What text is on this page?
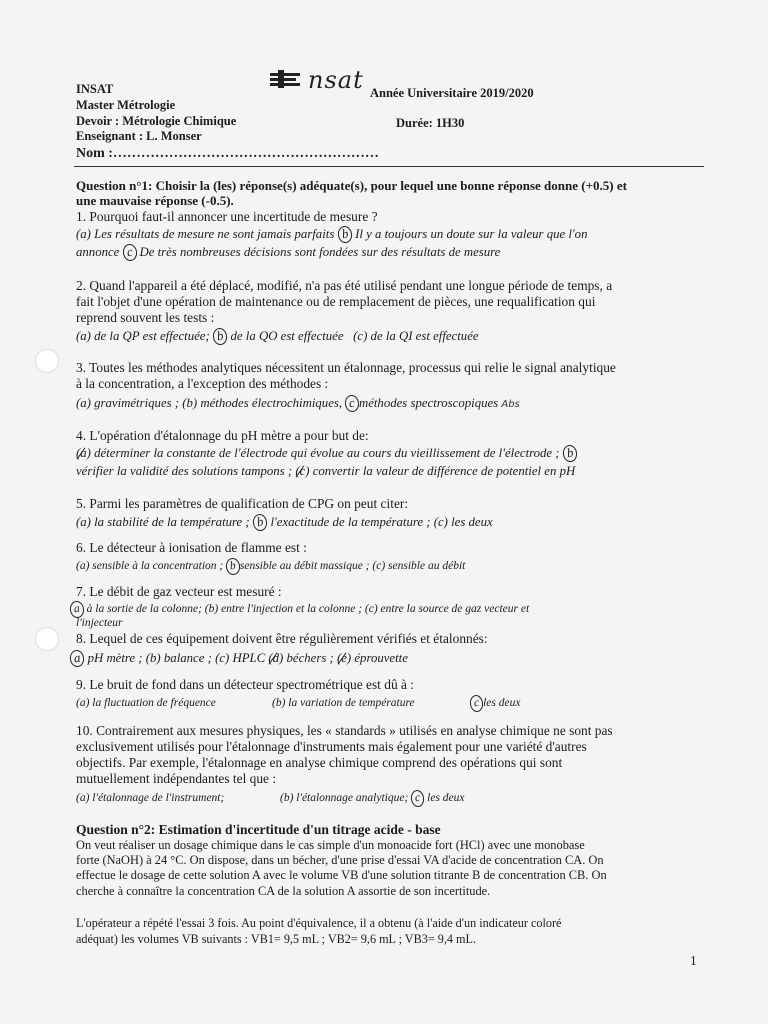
INSAT
Master Métrologie
Devoir : Métrologie Chimique
Enseignant : L. Monser
nsat Année Universitaire 2019/2020
Durée: 1H30
Nom :…………………………………………………
Question n°1: Choisir la (les) réponse(s) adéquate(s), pour lequel une bonne réponse donne (+0.5) et
une mauvaise réponse (-0.5).
1. Pourquoi faut-il annoncer une incertitude de mesure ?
(a) Les résultats de mesure ne sont jamais parfaits b Il y a toujours un doute sur la valeur que l'on
annonce c De très nombreuses décisions sont fondées sur des résultats de mesure
2. Quand l'appareil a été déplacé, modifié, n'a pas été utilisé pendant une longue période de temps, a
fait l'objet d'une opération de maintenance ou de remplacement de pièces, une requalification qui
reprend souvent les tests :
(a) de la QP est effectuée; b de la QO est effectuée (c) de la QI est effectuée
3. Toutes les méthodes analytiques nécessitent un étalonnage, processus qui relie le signal analytique
à la concentration, a l'exception des méthodes :
(a) gravimétriques ; (b) méthodes électrochimiques, c méthodes spectroscopiques Abs
4. L'opération d'étalonnage du pH mètre a pour but de:
(a) déterminer la constante de l'électrode qui évolue au cours du vieillissement de l'électrode ; b
vérifier la validité des solutions tampons ; (c) convertir la valeur de différence de potentiel en pH
5. Parmi les paramètres de qualification de CPG on peut citer:
(a) la stabilité de la température ; b l'exactitude de la température ; (c) les deux
6. Le détecteur à ionisation de flamme est :
(a) sensible à la concentration ; b sensible au débit massique ; (c) sensible au débit
7. Le débit de gaz vecteur est mesuré :
a à la sortie de la colonne; (b) entre l'injection et la colonne ; (c) entre la source de gaz vecteur et
l'injecteur
8. Lequel de ces équipement doivent être régulièrement vérifiés et étalonnés:
a pH mètre ; (b) balance ; (c) HPLC (d) béchers ; (e) éprouvette
9. Le bruit de fond dans un détecteur spectrométrique est dû à :
(a) la fluctuation de fréquence	(b) la variation de température	c les deux
10. Contrairement aux mesures physiques, les « standards » utilisés en analyse chimique ne sont pas
exclusivement utilisés pour l'étalonnage d'instruments mais également pour une variété d'autres
objectifs. Par exemple, l'étalonnage en analyse chimique comprend des opérations qui sont
mutuellement indépendantes tel que :
(a) l'étalonnage de l'instrument;	(b) l'étalonnage analytique; c les deux
Question n°2: Estimation d'incertitude d'un titrage acide - base
On veut réaliser un dosage chimique dans le cas simple d'un monoacide fort (HCl) avec une monobase
forte (NaOH) à 24 °C. On dispose, dans un bécher, d'une prise d'essai VA d'acide de concentration CA. On
effectue le dosage de cette solution A avec le volume VB d'une solution titrante B de concentration CB. On
cherche à connaître la concentration CA de la solution A assortie de son incertitude.
L'opérateur a répété l'essai 3 fois. Au point d'équivalence, il a obtenu (à l'aide d'un indicateur coloré
adéquat) les volumes VB suivants : VB1= 9,5 mL ; VB2= 9,6 mL ; VB3= 9,4 mL.
1
